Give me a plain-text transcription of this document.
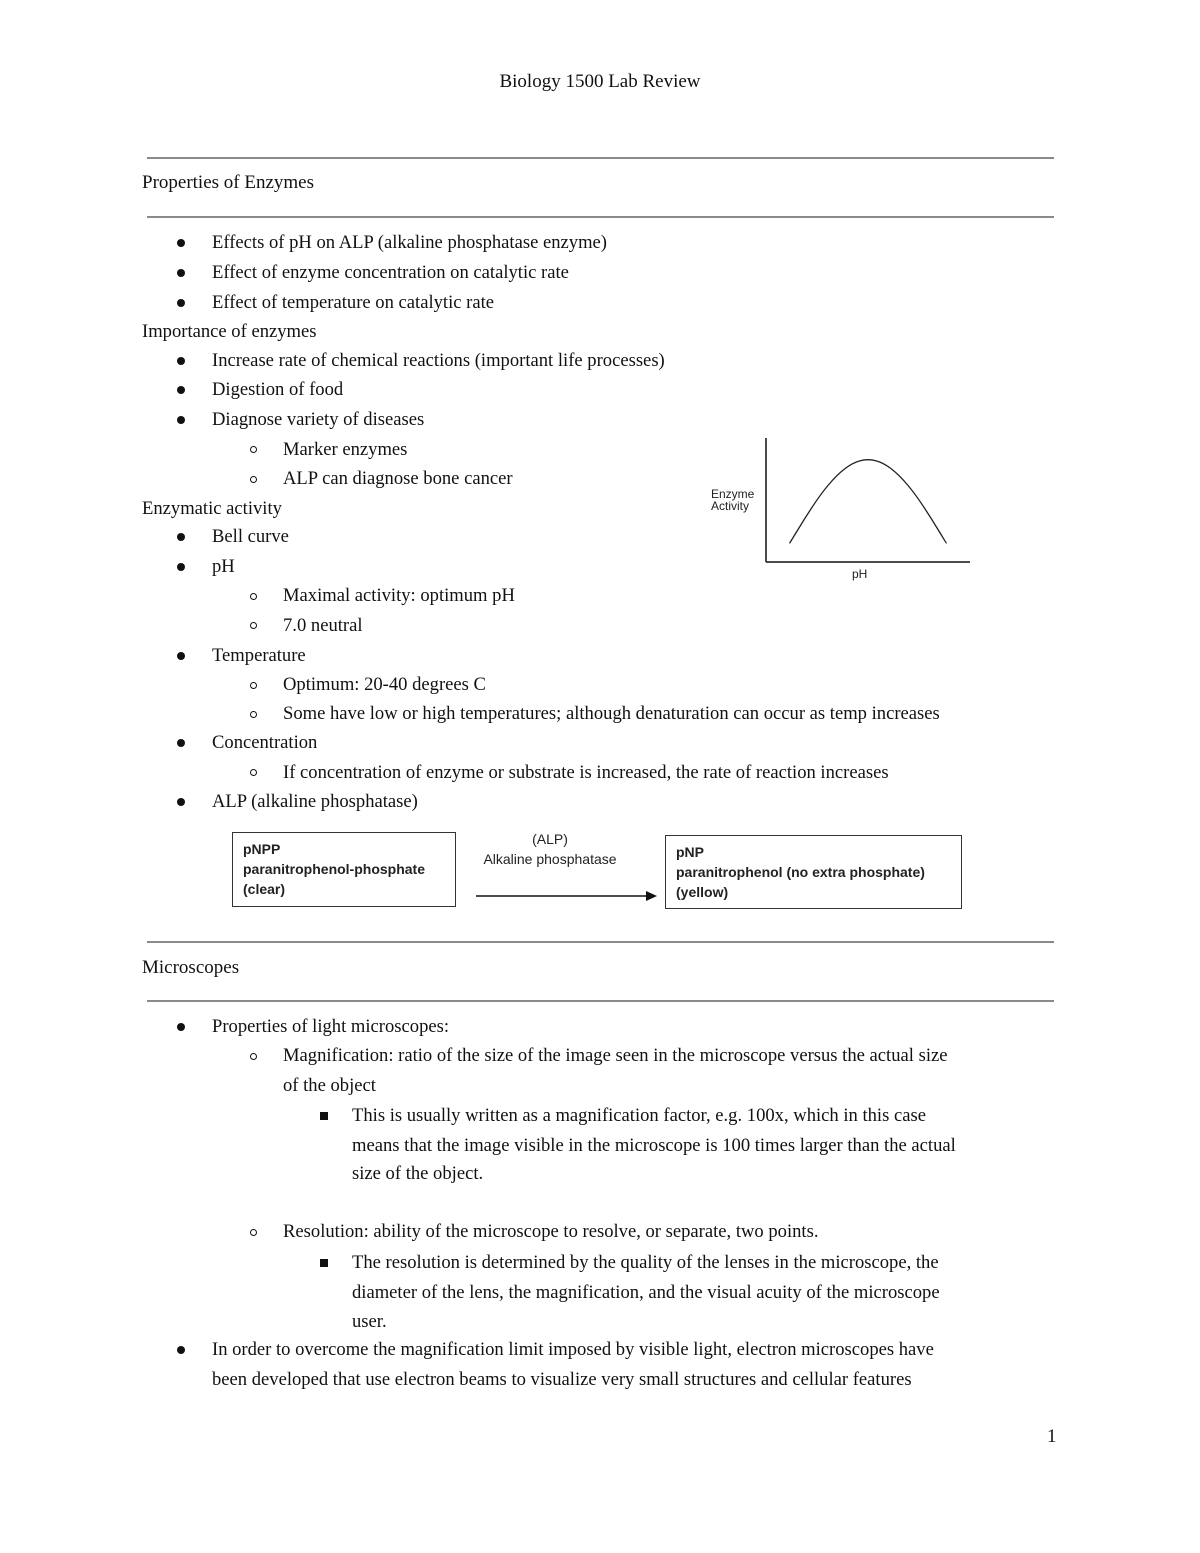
Biology 1500 Lab Review
Properties of Enzymes
Effects of pH on ALP (alkaline phosphatase enzyme)
Effect of enzyme concentration on catalytic rate
Effect of temperature on catalytic rate
Importance of enzymes
Increase rate of chemical reactions (important life processes)
Digestion of food
Diagnose variety of diseases
Marker enzymes
ALP can diagnose bone cancer
Enzymatic activity
Bell curve
pH
Maximal activity: optimum pH
7.0 neutral
Temperature
Optimum: 20-40 degrees C
Some have low or high temperatures; although denaturation can occur as temp increases
Concentration
If concentration of enzyme or substrate is increased, the rate of reaction increases
ALP (alkaline phosphatase)
Enzyme
Activity
pH
pNPP
paranitrophenol-phosphate
(clear)
(ALP)
Alkaline phosphatase	pNP
paranitrophenol (no extra phosphate)
(yellow)
Microscopes
Properties of light microscopes:
Magnification: ratio of the size of the image seen in the microscope versus the actual size
of the object
This is usually written as a magnification factor, e.g. 100x, which in this case
means that the image visible in the microscope is 100 times larger than the actual
size of the object.
Resolution: ability of the microscope to resolve, or separate, two points.
The resolution is determined by the quality of the lenses in the microscope, the
diameter of the lens, the magnification, and the visual acuity of the microscope
user.
In order to overcome the magnification limit imposed by visible light, electron microscopes have
been developed that use electron beams to visualize very small structures and cellular features
1
